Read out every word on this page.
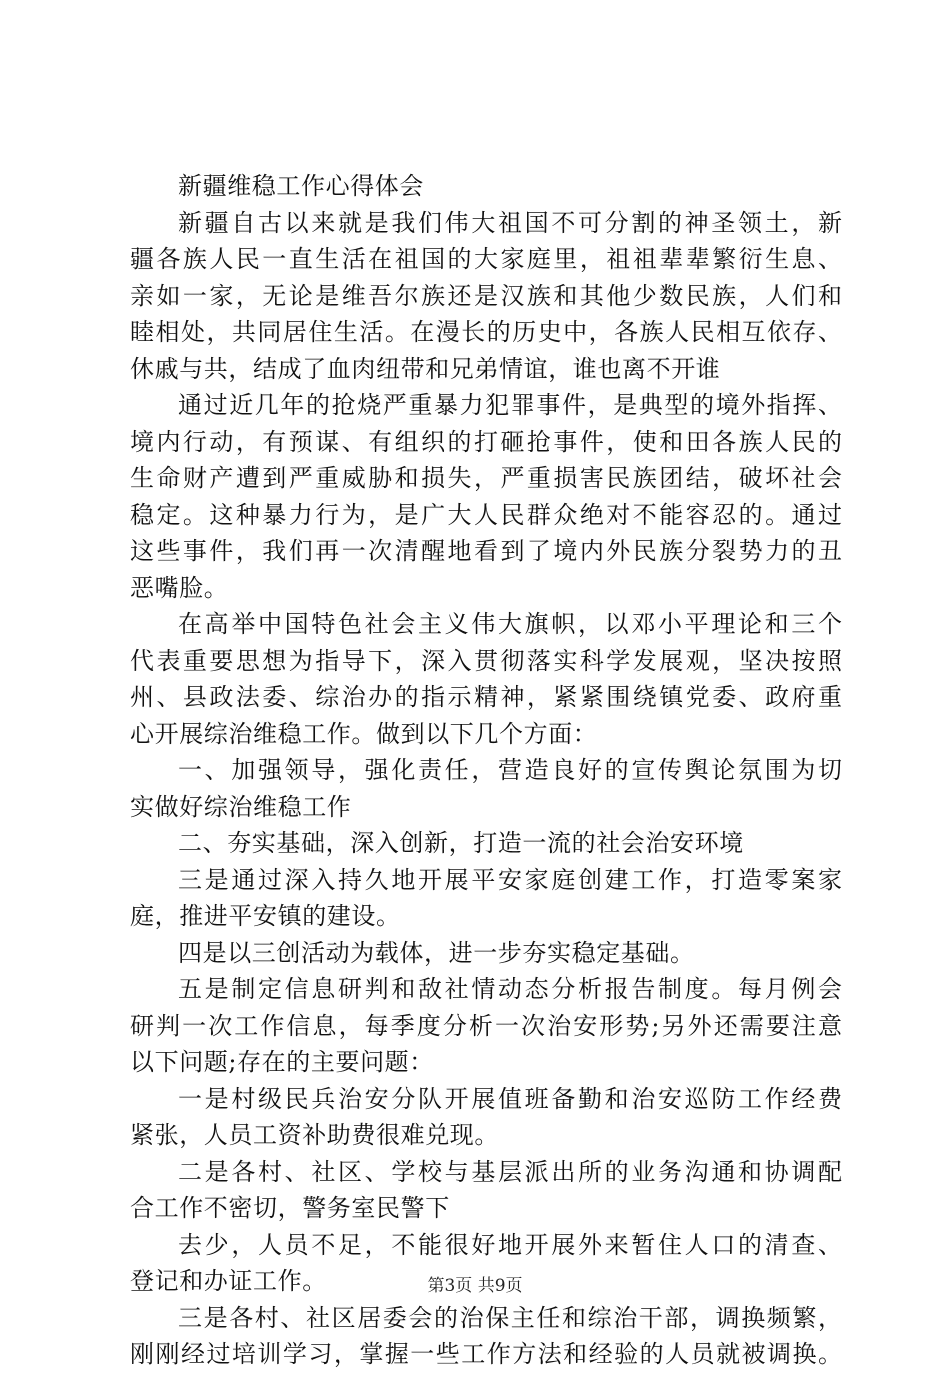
新疆维稳工作心得体会
新疆自古以来就是我们伟大祖国不可分割的神圣领土，新
疆各族人民一直生活在祖国的大家庭里，祖祖辈辈繁衍生息、
亲如一家，无论是维吾尔族还是汉族和其他少数民族，人们和
睦相处，共同居住生活。在漫长的历史中，各族人民相互依存、
休戚与共，结成了血肉纽带和兄弟情谊，谁也离不开谁
通过近几年的抢烧严重暴力犯罪事件，是典型的境外指挥、
境内行动，有预谋、有组织的打砸抢事件，使和田各族人民的
生命财产遭到严重威胁和损失，严重损害民族团结，破坏社会
稳定。这种暴力行为，是广大人民群众绝对不能容忍的。通过
这些事件，我们再一次清醒地看到了境内外民族分裂势力的丑
恶嘴脸。
在高举中国特色社会主义伟大旗帜，以邓小平理论和三个
代表重要思想为指导下，深入贯彻落实科学发展观，坚决按照
州、县政法委、综治办的指示精神，紧紧围绕镇党委、政府重
心开展综治维稳工作。做到以下几个方面：
一、加强领导，强化责任，营造良好的宣传舆论氛围为切
实做好综治维稳工作
二、夯实基础，深入创新，打造一流的社会治安环境
三是通过深入持久地开展平安家庭创建工作，打造零案家
庭，推进平安镇的建设。
四是以三创活动为载体，进一步夯实稳定基础。
五是制定信息研判和敌社情动态分析报告制度。每月例会
研判一次工作信息，每季度分析一次治安形势;另外还需要注意
以下问题;存在的主要问题：
一是村级民兵治安分队开展值班备勤和治安巡防工作经费
紧张，人员工资补助费很难兑现。
二是各村、社区、学校与基层派出所的业务沟通和协调配
合工作不密切，警务室民警下
去少，人员不足，不能很好地开展外来暂住人口的清查、
登记和办证工作。
三是各村、社区居委会的治保主任和综治干部，调换频繁，
刚刚经过培训学习，掌握一些工作方法和经验的人员就被调换。
第3页 共9页
